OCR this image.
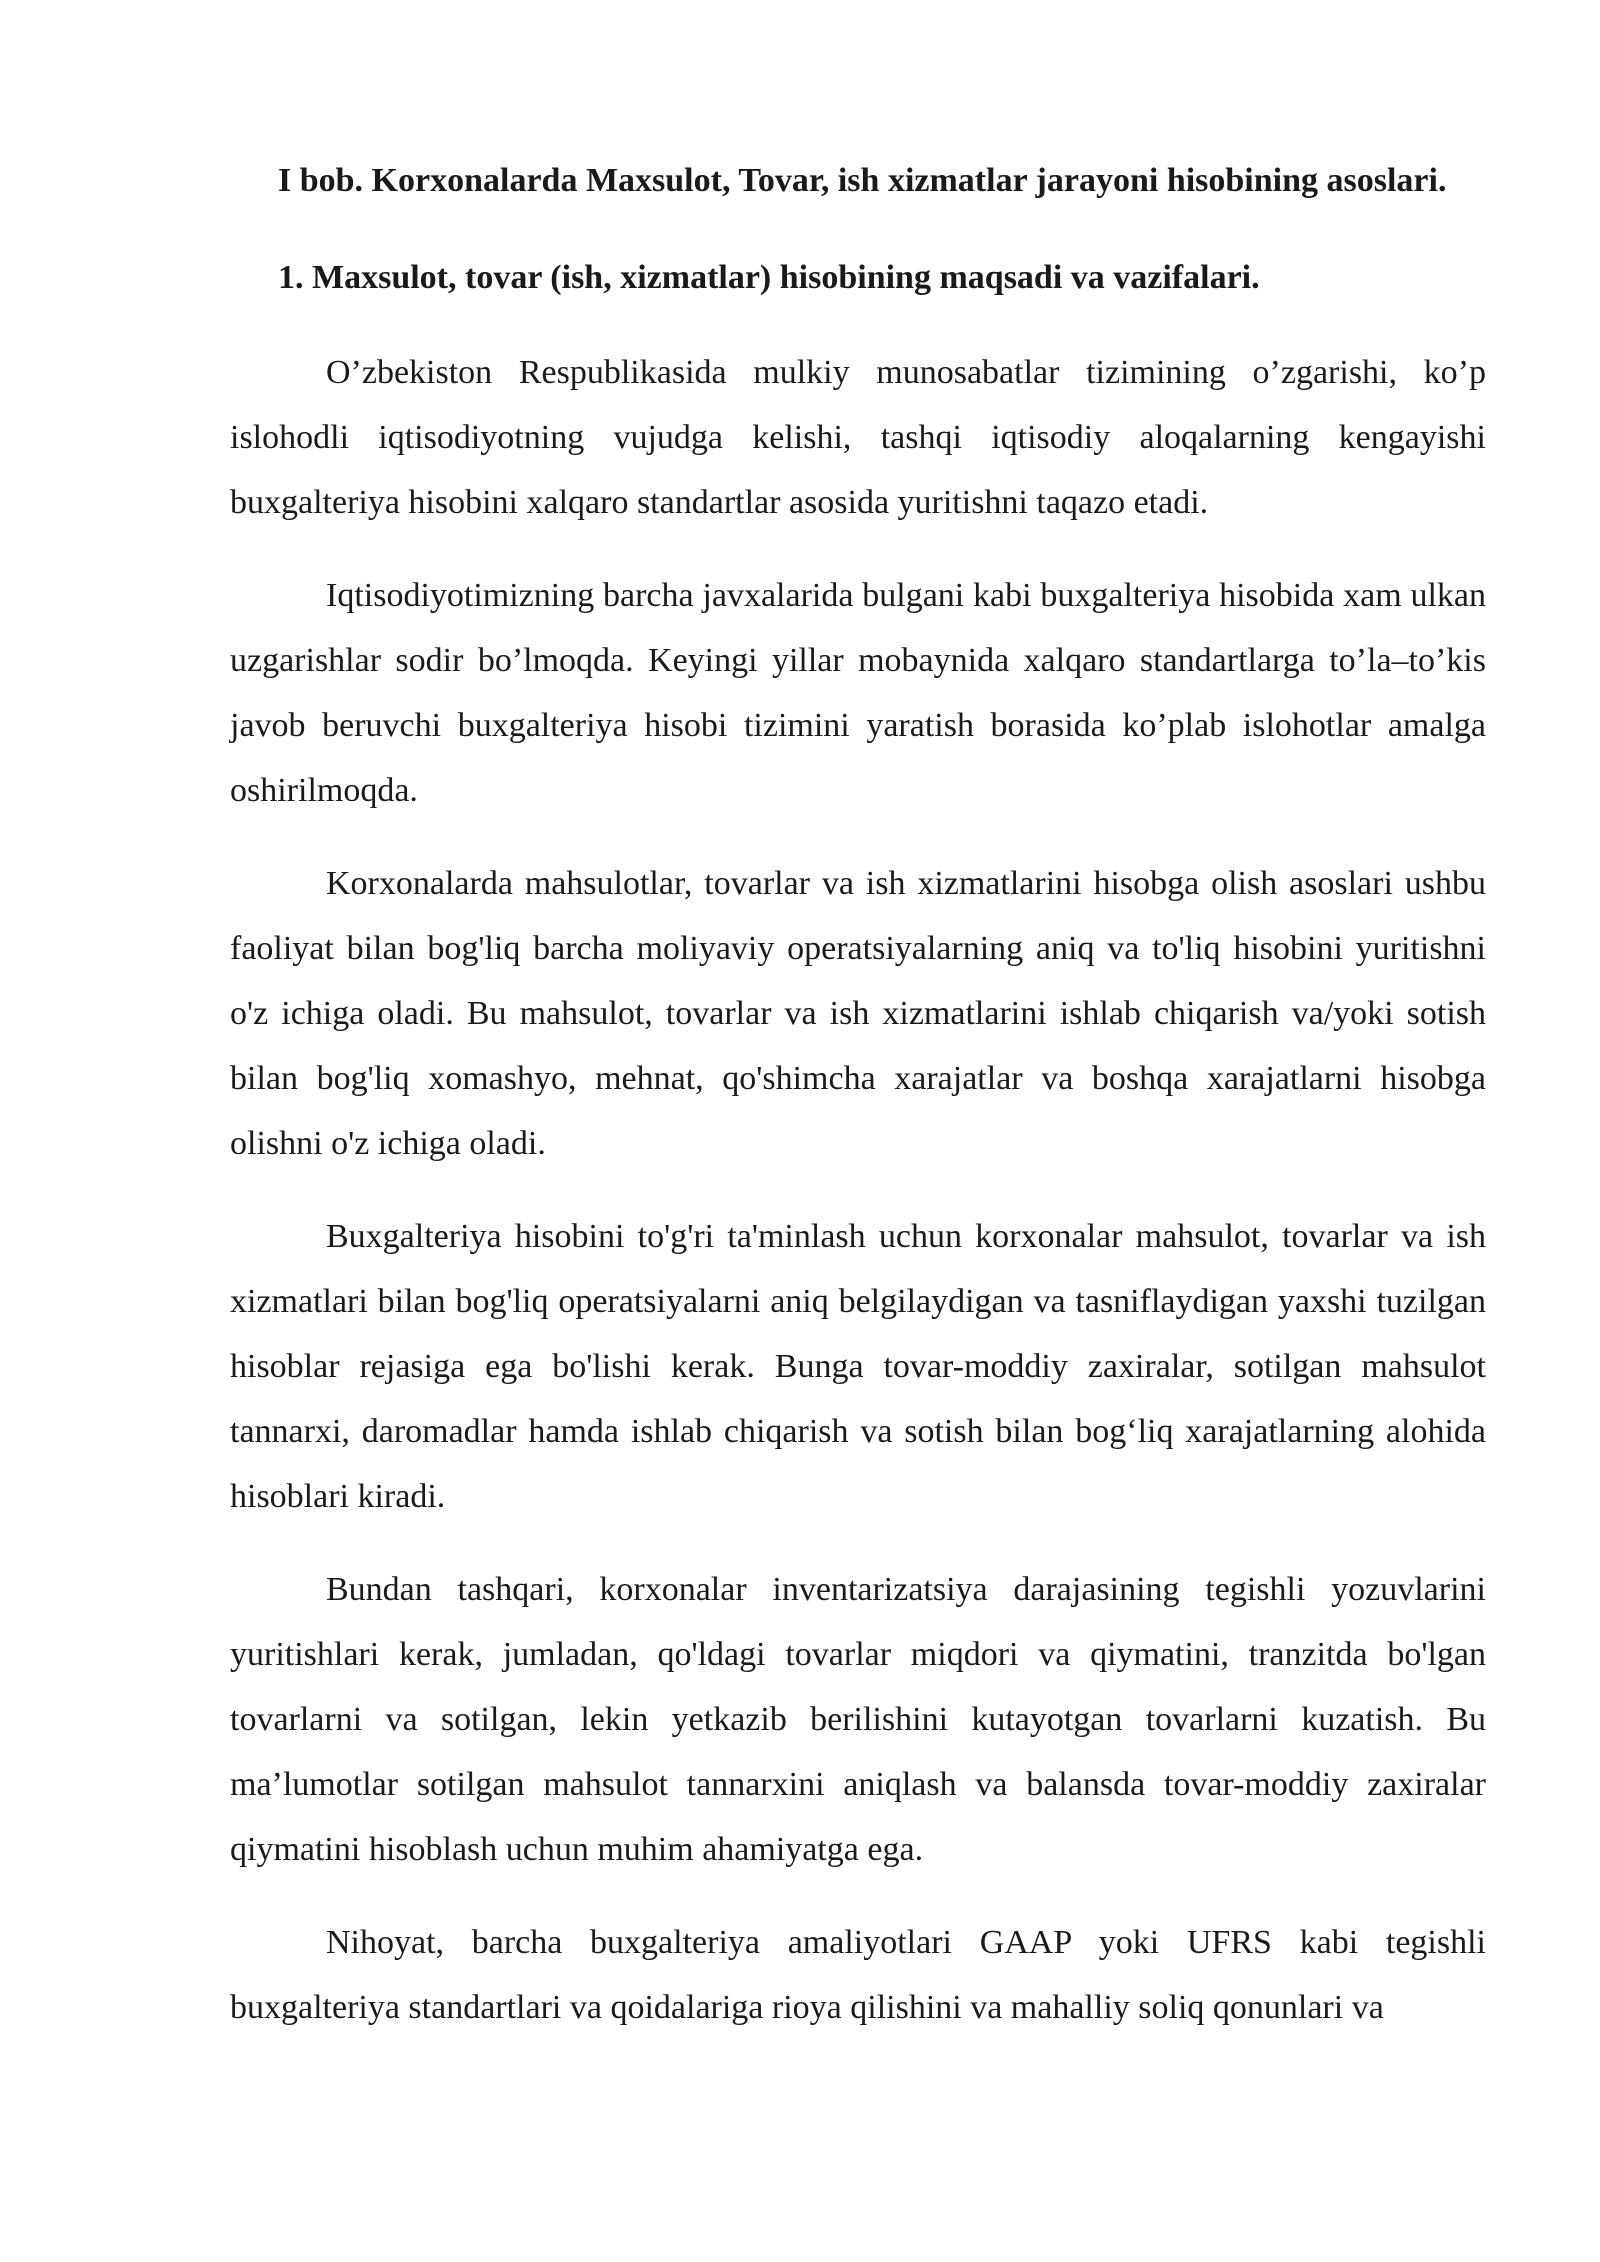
I bob. Korxonalarda Maxsulot, Tovar, ish xizmatlar jarayoni hisobining asoslari.

1. Maxsulot, tovar (ish, xizmatlar) hisobining maqsadi va vazifalari.

O’zbekiston Respublikasida mulkiy munosabatlar tizimining o’zgarishi, ko’p islohodli iqtisodiyotning vujudga kelishi, tashqi iqtisodiy aloqalarning kengayishi buxgalteriya hisobini xalqaro standartlar asosida yuritishni taqazo etadi.

Iqtisodiyotimizning barcha javxalarida bulgani kabi buxgalteriya hisobida xam ulkan uzgarishlar sodir bo’lmoqda. Keyingi yillar mobaynida xalqaro standartlarga to’la–to’kis javob beruvchi buxgalteriya hisobi tizimini yaratish borasida ko’plab islohotlar amalga oshirilmoqda.

Korxonalarda mahsulotlar, tovarlar va ish xizmatlarini hisobga olish asoslari ushbu faoliyat bilan bog'liq barcha moliyaviy operatsiyalarning aniq va to'liq hisobini yuritishni o'z ichiga oladi. Bu mahsulot, tovarlar va ish xizmatlarini ishlab chiqarish va/yoki sotish bilan bog'liq xomashyo, mehnat, qo'shimcha xarajatlar va boshqa xarajatlarni hisobga olishni o'z ichiga oladi.

Buxgalteriya hisobini to'g'ri ta'minlash uchun korxonalar mahsulot, tovarlar va ish xizmatlari bilan bog'liq operatsiyalarni aniq belgilaydigan va tasniflaydigan yaxshi tuzilgan hisoblar rejasiga ega bo'lishi kerak. Bunga tovar-moddiy zaxiralar, sotilgan mahsulot tannarxi, daromadlar hamda ishlab chiqarish va sotish bilan bog‘liq xarajatlarning alohida hisoblari kiradi.

Bundan tashqari, korxonalar inventarizatsiya darajasining tegishli yozuvlarini yuritishlari kerak, jumladan, qo'ldagi tovarlar miqdori va qiymatini, tranzitda bo'lgan tovarlarni va sotilgan, lekin yetkazib berilishini kutayotgan tovarlarni kuzatish. Bu ma’lumotlar sotilgan mahsulot tannarxini aniqlash va balansda tovar-moddiy zaxiralar qiymatini hisoblash uchun muhim ahamiyatga ega.

Nihoyat, barcha buxgalteriya amaliyotlari GAAP yoki UFRS kabi tegishli buxgalteriya standartlari va qoidalariga rioya qilishini va mahalliy soliq qonunlari va
